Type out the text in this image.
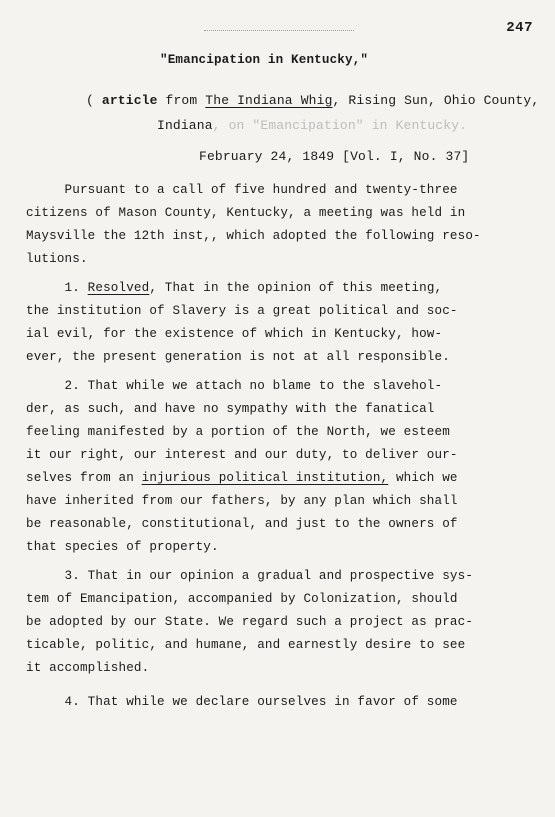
247
"Emancipation in Kentucky,"
( article from The Indiana Whig, Rising Sun, Ohio County,
Indiana, on "Emancipation" in Kentucky.
February 24, 1849 [Vol. I, No. 37]
Pursuant to a call of five hundred and twenty-three
citizens of Mason County, Kentucky, a meeting was held in
Maysville the 12th inst,, which adopted the following reso-
lutions.
1. Resolved, That in the opinion of this meeting,
the institution of Slavery is a great political and soc-
ial evil, for the existence of which in Kentucky, how-
ever, the present generation is not at all responsible.
2. That while we attach no blame to the slavehol-
der, as such, and have no sympathy with the fanatical
feeling manifested by a portion of the North, we esteem
it our right, our interest and our duty, to deliver our-
selves from an injurious political institution, which we
have inherited from our fathers, by any plan which shall
be reasonable, constitutional, and just to the owners of
that species of property.
3. That in our opinion a gradual and prospective sys-
tem of Emancipation, accompanied by Colonization, should
be adopted by our State. We regard such a project as prac-
ticable, politic, and humane, and earnestly desire to see
it accomplished.
4. That while we declare ourselves in favor of some
